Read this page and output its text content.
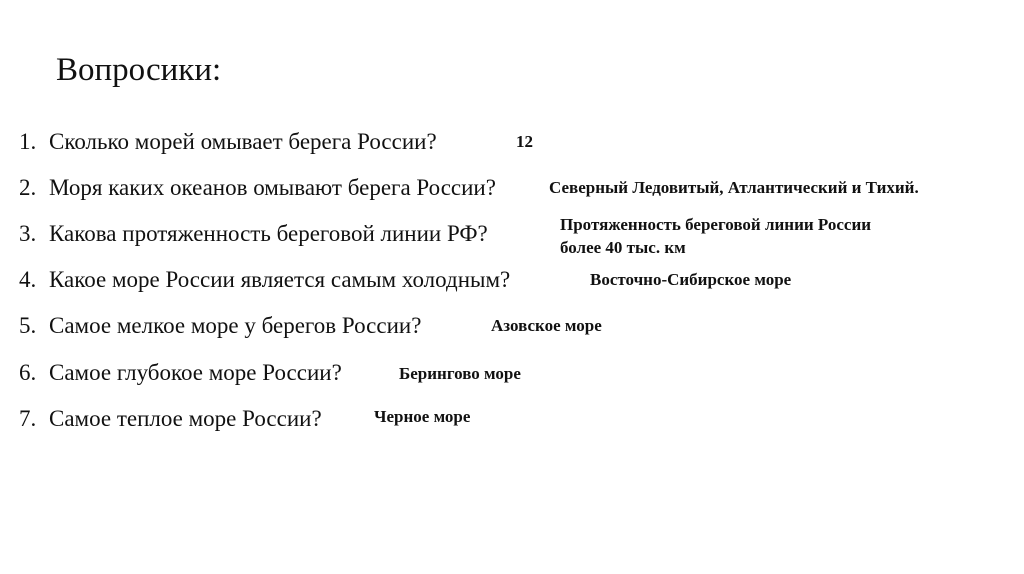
Вопросики:
1. Сколько морей омывает берега России?	12
2. Моря каких океанов омывают берега России?	Северный Ледовитый, Атлантический и Тихий.
3. Какова протяженность береговой линии РФ?	Протяженность береговой линии России
более 40 тыс. км
4. Какое море России является самым холодным?	Восточно-Сибирское море
5. Самое мелкое море у берегов России?	Азовское море
6. Самое глубокое море России?	Берингово море
7. Самое теплое море России?	Черное море
